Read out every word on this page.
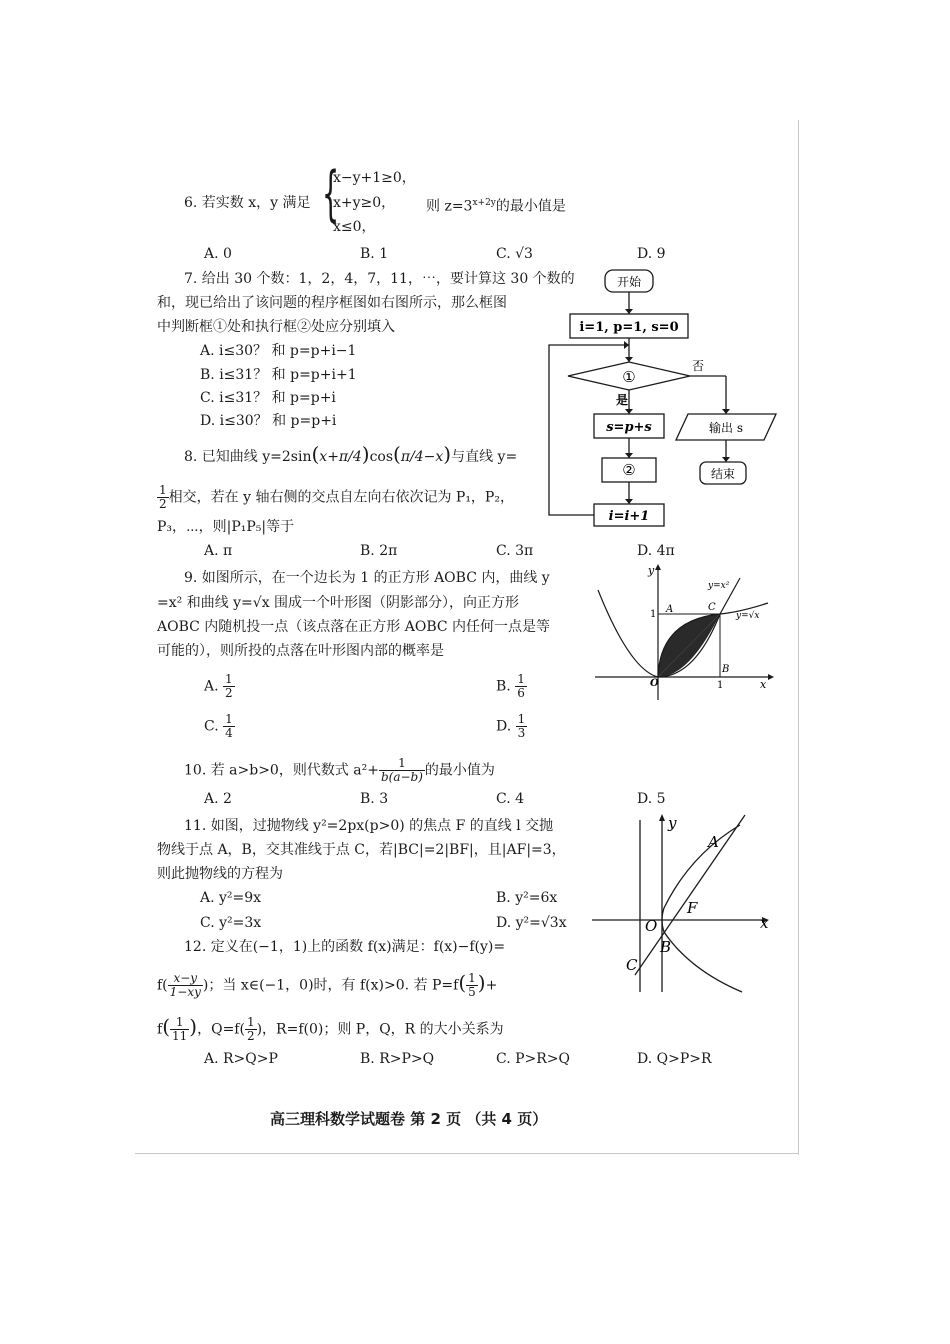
6. 若实数 x，y 满足 {
x−y+1≥0，
x+y≥0，
x≤0，
则 $z=3^{x+2y}$的最小值是
A. 0	B. 1	C. √3	D. 9
7. 给出 30 个数：1，2，4，7，11，⋯，要计算这 30 个数的
和，现已给出了该问题的程序框图如右图所示，那么框图
中判断框①处和执行框②处应分别填入
A. i≤30？ 和 p=p+i−1
B. i≤31？ 和 p=p+i+1
C. i≤31？ 和 p=p+i
D. i≤30？ 和 p=p+i
开始
i=1, p=1, s=0
①
否
是
s=p+s	输出 s
②	结束
i=i+1
8. 已知曲线 y=2sin(x+π/4)cos(π/4−x)与直线 y=
$\frac{1}{2}$ 相交，若在 y 轴右侧的交点自左向右依次记为 P₁，P₂，
P₃，⋯，则|P₁P₅|等于
A. π	B. 2π	C. 3π	D. 4π
9. 如图所示，在一个边长为 1 的正方形 AOBC 内，曲线 y
=x² 和曲线 y=√x 围成一个叶形图（阴影部分），向正方形
AOBC 内随机投一点（该点落在正方形 AOBC 内任何一点是等
可能的），则所投的点落在叶形图内部的概率是
A. $\frac{1}{2}$	B. $\frac{1}{6}$
C. $\frac{1}{4}$	D. $\frac{1}{3}$
y
x
O
A
B
C
1
1
y=x²
y=√x
10. 若 a>b>0，则代数式 $a^2+ \frac{1}{b(a-b)}$ 的最小值为
A. 2	B. 3	C. 4	D. 5
11. 如图，过抛物线 y²=2px(p>0) 的焦点 F 的直线 l 交抛
物线于点 A，B，交其准线于点 C，若|BC|=2|BF|，且|AF|=3，
则此抛物线的方程为
A. y²=9x	B. y²=6x
C. y²=3x	D. y²=√3x
y
x
O
A
B
C
F
12. 定义在(−1，1)上的函数 f(x)满足：f(x)−f(y)=
$f( \frac{x-y}{1-xy}$ )；当 x∈(−1，0)时，有 f(x)>0. 若 $P=f( \frac{1}{5}$ )+
$f( \frac{1}{11}$ )，$Q=f( \frac{1}{2}$ )，R=f(0)；则 P，Q，R 的大小关系为
A. R>Q>P	B. R>P>Q	C. P>R>Q	D. Q>P>R
高三理科数学试题卷 第 2 页 （共 4 页）
